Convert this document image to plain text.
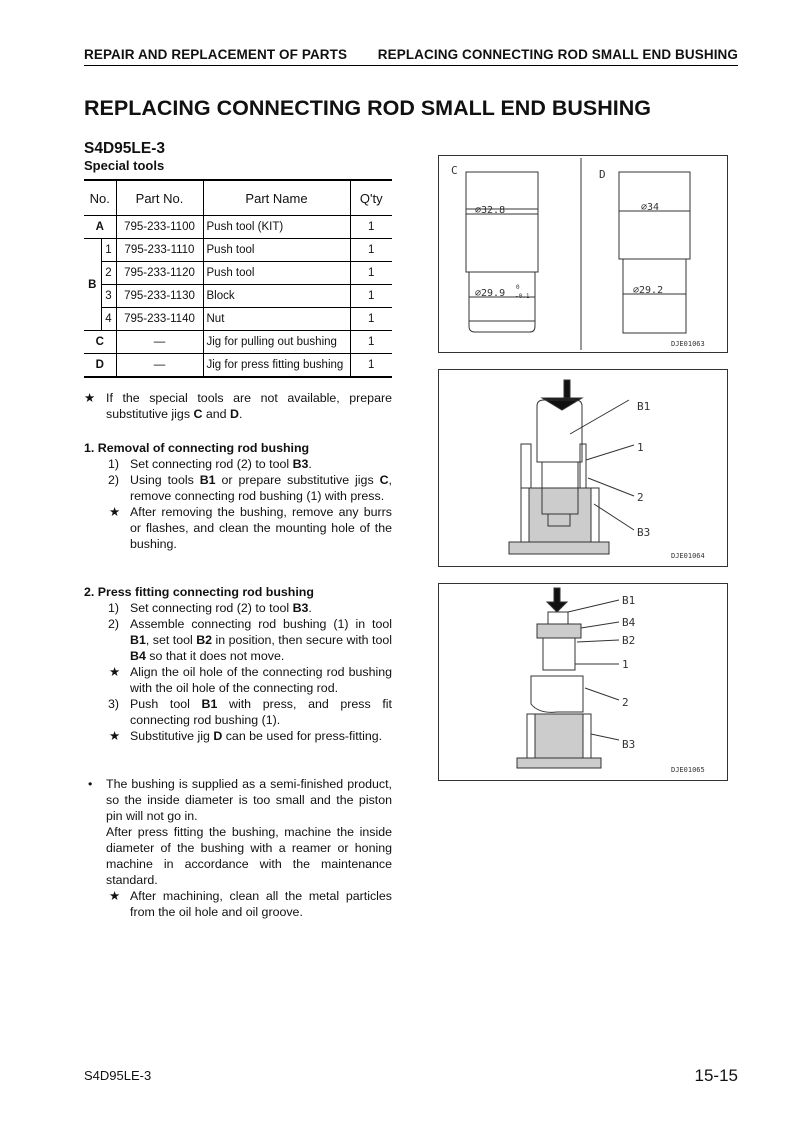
REPAIR AND REPLACEMENT OF PARTS REPLACING CONNECTING ROD SMALL END BUSHING
REPLACING CONNECTING ROD SMALL END BUSHING
S4D95LE-3
Special tools
No.		Part No.	Part Name	Q'ty
A		795-233-1100	Push tool (KIT)	1
B	1	795-233-1110	Push tool	1
	2	795-233-1120	Push tool	1
	3	795-233-1130	Block	1
	4	795-233-1140	Nut	1
C		—	Jig for pulling out bushing	1
D		—	Jig for press fitting bushing	1
★ If the special tools are not available, prepare substitutive jigs C and D.

1. Removal of connecting rod bushing

1) Set connecting rod (2) to tool B3.
2) Using tools B1 or prepare substitutive jigs C, remove connecting rod bushing (1) with press.
★ After removing the bushing, remove any burrs or flashes, and clean the mounting hole of the bushing.

2. Press fitting connecting rod bushing

1) Set connecting rod (2) to tool B3.
2) Assemble connecting rod bushing (1) in tool B1, set tool B2 in position, then secure with tool B4 so that it does not move.
★ Align the oil hole of the connecting rod bushing with the oil hole of the connecting rod.
3) Push tool B1 with press, and press fit connecting rod bushing (1).
★ Substitutive jig D can be used for press-fitting.
• The bushing is supplied as a semi-finished product, so the inside diameter is too small and the piston pin will not go in.

After press fitting the bushing, machine the inside diameter of the bushing with a reamer or honing machine in accordance with the maintenance standard.

★ After machining, clean all the metal particles from the oil hole and oil groove.
C	D
⌀32.8
⌀29.9
0
-0.1
⌀34
⌀29.2
DJE01063
B1
1
2
B3
DJE01064
B1
B4
B2
1
2
B3
DJE01065
S4D95LE-3	15-15
